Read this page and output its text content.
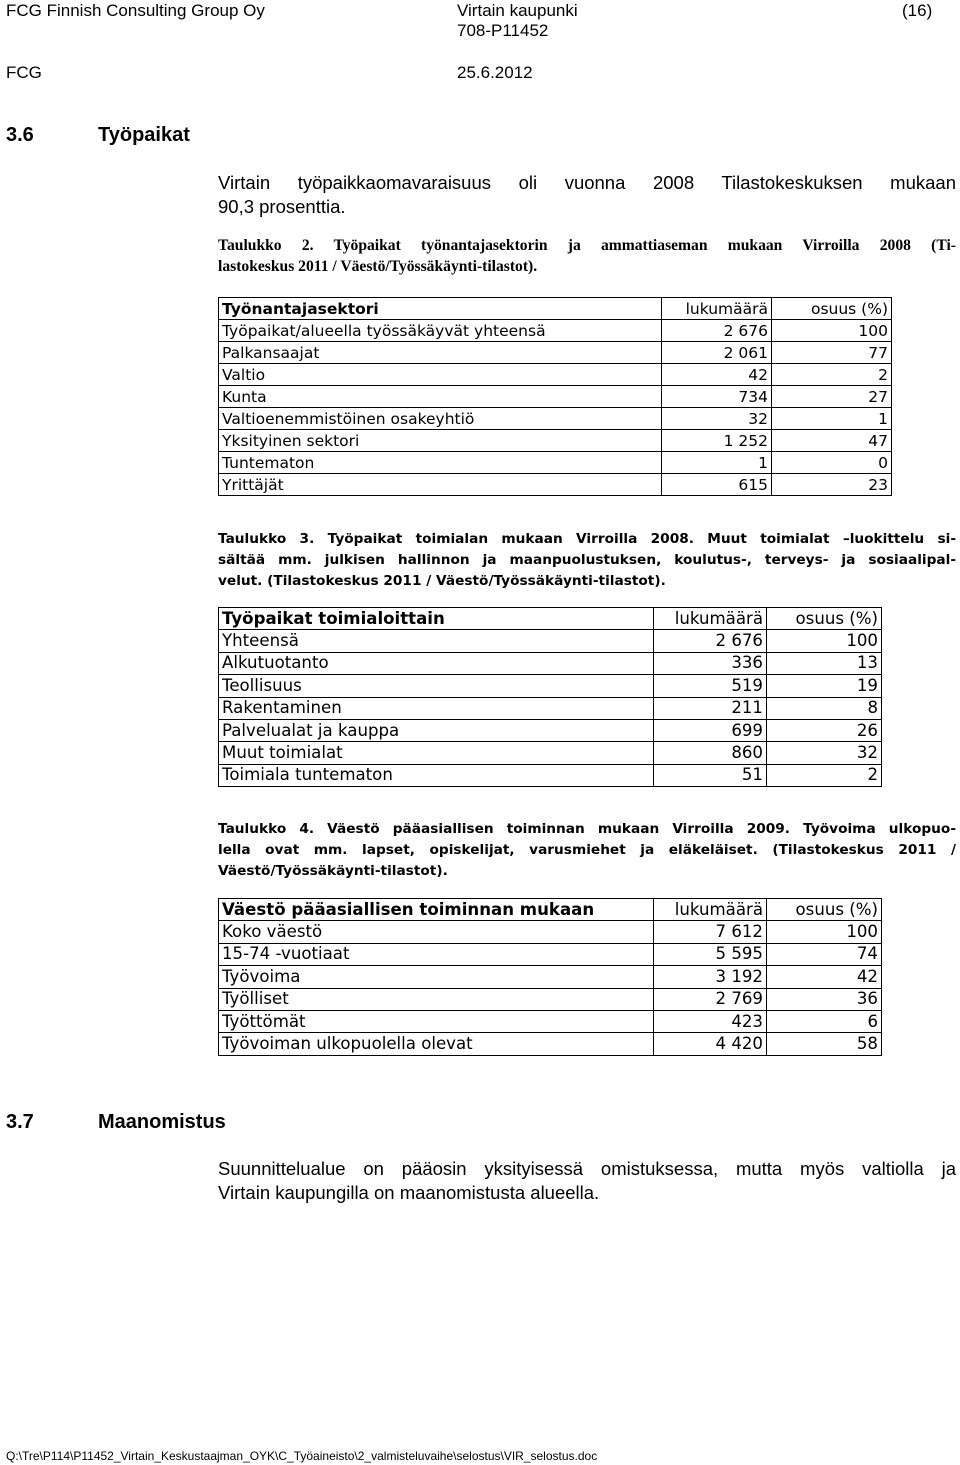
FCG Finnish Consulting Group Oy	Virtain kaupunki	(16)
708-P11452
FCG	25.6.2012
3.6	Työpaikat
Virtain työpaikkaomavaraisuus oli vuonna 2008 Tilastokeskuksen mukaan
90,3 prosenttia.
Taulukko 2. Työpaikat työnantajasektorin ja ammattiaseman mukaan Virroilla 2008 (Ti-
lastokeskus 2011 / Väestö/Työssäkäynti-tilastot).
Työnantajasektori	lukumäärä	osuus (%)
Työpaikat/alueella työssäkäyvät yhteensä	2 676	100
Palkansaajat	2 061	77
Valtio	42	2
Kunta	734	27
Valtioenemmistöinen osakeyhtiö	32	1
Yksityinen sektori	1 252	47
Tuntematon	1	0
Yrittäjät	615	23
Taulukko 3. Työpaikat toimialan mukaan Virroilla 2008. Muut toimialat –luokittelu si-
sältää mm. julkisen hallinnon ja maanpuolustuksen, koulutus-, terveys- ja sosiaalipal-
velut. (Tilastokeskus 2011 / Väestö/Työssäkäynti-tilastot).
Työpaikat toimialoittain	lukumäärä	osuus (%)
Yhteensä	2 676	100
Alkutuotanto	336	13
Teollisuus	519	19
Rakentaminen	211	8
Palvelualat ja kauppa	699	26
Muut toimialat	860	32
Toimiala tuntematon	51	2
Taulukko 4. Väestö pääasiallisen toiminnan mukaan Virroilla 2009. Työvoima ulkopuo-
lella ovat mm. lapset, opiskelijat, varusmiehet ja eläkeläiset. (Tilastokeskus 2011 /
Väestö/Työssäkäynti-tilastot).
Väestö pääasiallisen toiminnan mukaan	lukumäärä	osuus (%)
Koko väestö	7 612	100
15-74 -vuotiaat	5 595	74
Työvoima	3 192	42
Työlliset	2 769	36
Työttömät	423	6
Työvoiman ulkopuolella olevat	4 420	58
3.7	Maanomistus
Suunnittelualue on pääosin yksityisessä omistuksessa, mutta myös valtiolla ja
Virtain kaupungilla on maanomistusta alueella.
Q:\Tre\P114\P11452_Virtain_Keskustaajman_OYK\C_Työaineisto\2_valmisteluvaihe\selostus\VIR_selostus.doc
